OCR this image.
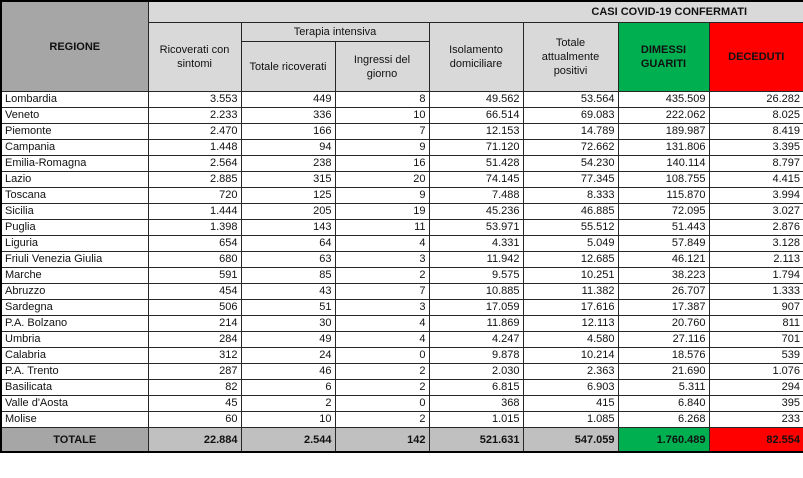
REGIONE	CASI COVID-19 CONFERMATI						
	Ricoverati con sintomi	Terapia intensiva		Isolamento domiciliare	Totale attualmente positivi	DIMESSI GUARITI	DECEDUTI
		Totale ricoverati	Ingressi del giorno				
Lombardia	3.553	449	8	49.562	53.564	435.509	26.282
Veneto	2.233	336	10	66.514	69.083	222.062	8.025
Piemonte	2.470	166	7	12.153	14.789	189.987	8.419
Campania	1.448	94	9	71.120	72.662	131.806	3.395
Emilia-Romagna	2.564	238	16	51.428	54.230	140.114	8.797
Lazio	2.885	315	20	74.145	77.345	108.755	4.415
Toscana	720	125	9	7.488	8.333	115.870	3.994
Sicilia	1.444	205	19	45.236	46.885	72.095	3.027
Puglia	1.398	143	11	53.971	55.512	51.443	2.876
Liguria	654	64	4	4.331	5.049	57.849	3.128
Friuli Venezia Giulia	680	63	3	11.942	12.685	46.121	2.113
Marche	591	85	2	9.575	10.251	38.223	1.794
Abruzzo	454	43	7	10.885	11.382	26.707	1.333
Sardegna	506	51	3	17.059	17.616	17.387	907
P.A. Bolzano	214	30	4	11.869	12.113	20.760	811
Umbria	284	49	4	4.247	4.580	27.116	701
Calabria	312	24	0	9.878	10.214	18.576	539
P.A. Trento	287	46	2	2.030	2.363	21.690	1.076
Basilicata	82	6	2	6.815	6.903	5.311	294
Valle d'Aosta	45	2	0	368	415	6.840	395
Molise	60	10	2	1.015	1.085	6.268	233
TOTALE	22.884	2.544	142	521.631	547.059	1.760.489	82.554
